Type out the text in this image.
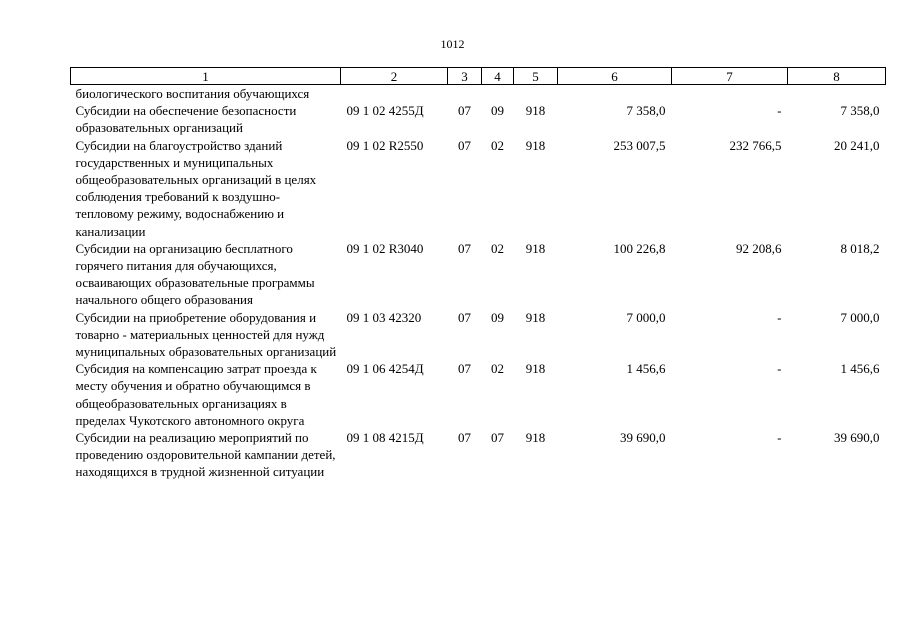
1012
1	2	3	4	5	6	7	8
биологического воспитания обучающихся							
Субсидии на обеспечение безопасности образовательных организаций	09 1 02 4255Д	07	09	918	7 358,0	-	7 358,0
Субсидии на благоустройство зданий государственных и муниципальных общеобразовательных организаций в целях соблюдения требований к воздушно-тепловому режиму, водоснабжению и канализации	09 1 02 R2550	07	02	918	253 007,5	232 766,5	20 241,0
Субсидии на организацию бесплатного горячего питания для обучающихся, осваивающих образовательные программы начального общего образования	09 1 02 R3040	07	02	918	100 226,8	92 208,6	8 018,2
Субсидии на приобретение оборудования и товарно - материальных ценностей для нужд муниципальных образовательных организаций	09 1 03 42320	07	09	918	7 000,0	-	7 000,0
Субсидия на компенсацию затрат проезда к месту обучения и обратно обучающимся в общеобразовательных организациях в пределах Чукотского автономного округа	09 1 06 4254Д	07	02	918	1 456,6	-	1 456,6
Субсидии на реализацию мероприятий по проведению оздоровительной кампании детей, находящихся в трудной жизненной ситуации	09 1 08 4215Д	07	07	918	39 690,0	-	39 690,0
